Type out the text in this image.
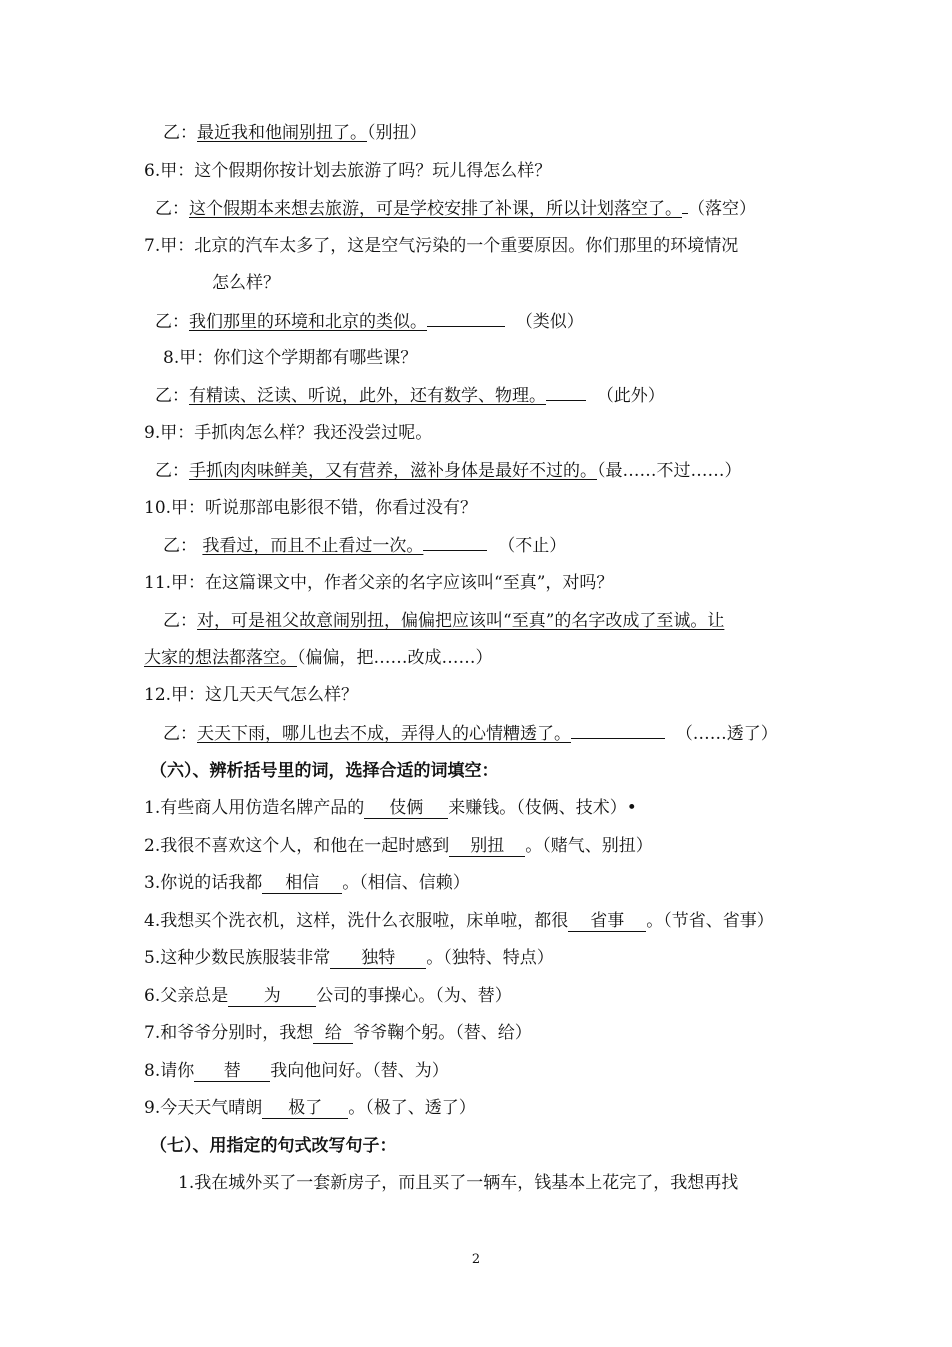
乙：最近我和他闹别扭了。（别扭）
6.甲：这个假期你按计划去旅游了吗？玩儿得怎么样？
乙：这个假期本来想去旅游，可是学校安排了补课，所以计划落空了。 （落空）
7.甲：北京的汽车太多了，这是空气污染的一个重要原因。你们那里的环境情况
怎么样？
乙：我们那里的环境和北京的类似。	（类似）
8.甲：你们这个学期都有哪些课？
乙：有精读、泛读、听说，此外，还有数学、物理。	（此外）
9.甲：手抓肉怎么样？我还没尝过呢。
乙：手抓肉肉味鲜美，又有营养，滋补身体是最好不过的。（最……不过……）
10.甲：听说那部电影很不错，你看过没有？
乙： 我看过，而且不止看过一次。	（不止）
11.甲：在这篇课文中，作者父亲的名字应该叫“至真”，对吗？
乙：对，可是祖父故意闹别扭，偏偏把应该叫“至真”的名字改成了至诚。让
大家的想法都落空。（偏偏，把……改成……）
12.甲：这几天天气怎么样？
乙：天天下雨，哪儿也去不成，弄得人的心情糟透了。	（……透了）
（六）、辨析括号里的词，选择合适的词填空：
1.有些商人用仿造名牌产品的 伎俩 来赚钱。（伎俩、技术）•
2.我很不喜欢这个人，和他在一起时感到 别扭 。（赌气、别扭）
3.你说的话我都 相信 。（相信、信赖）
4.我想买个洗衣机，这样，洗什么衣服啦，床单啦，都很 省事 。（节省、省事）
5.这种少数民族服装非常 独特 。（独特、特点）
6.父亲总是 为 公司的事操心。（为、替）
7.和爷爷分别时，我想 给 爷爷鞠个躬。（替、给）
8.请你 替 我向他问好。（替、为）
9.今天天气晴朗 极了 。（极了、透了）
（七）、用指定的句式改写句子：
1.我在城外买了一套新房子，而且买了一辆车，钱基本上花完了，我想再找
2
